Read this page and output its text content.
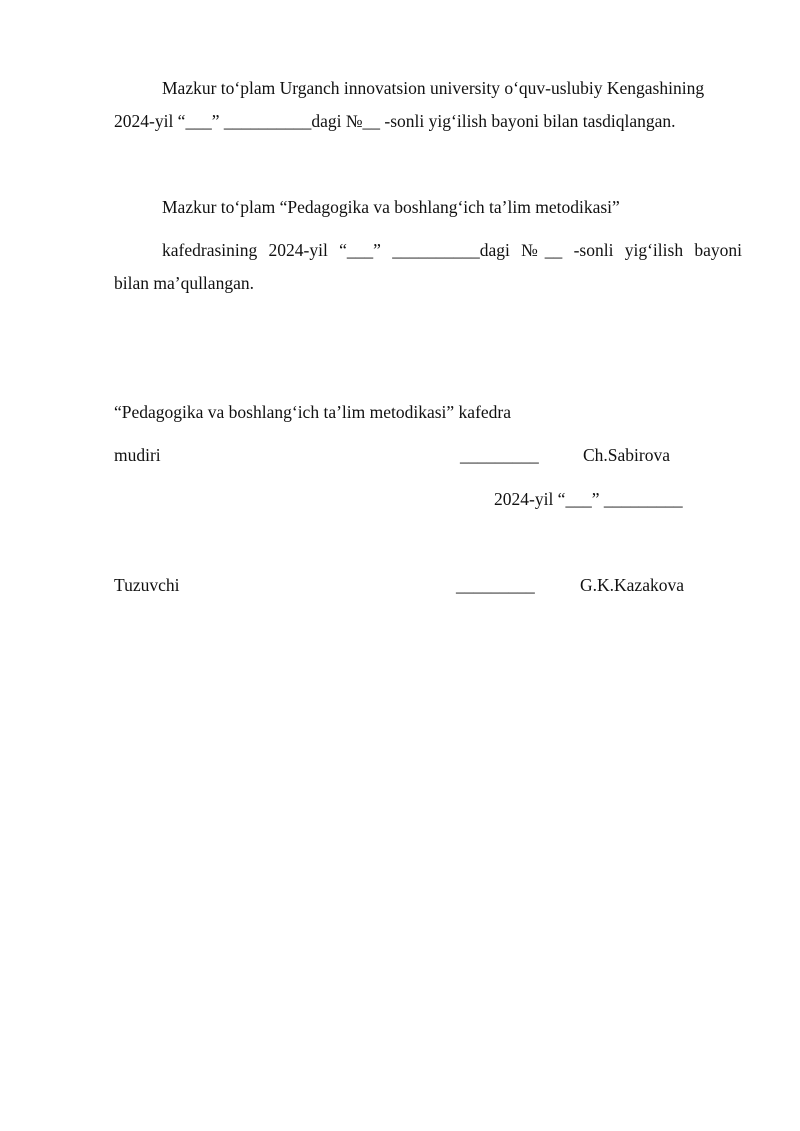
Mazkur to‘plam Urganch innovatsion university o‘quv-uslubiy Kengashining
2024-yil “___” __________dagi №__ -sonli yig‘ilish bayoni bilan tasdiqlangan.
Mazkur to‘plam “Pedagogika va boshlang‘ich ta’lim metodikasi”
kafedrasining 2024-yil “___” __________dagi №__ -sonli yig‘ilish bayoni
bilan ma’qullangan.
“Pedagogika va boshlang‘ich ta’lim metodikasi” kafedra
mudiri	_________	Ch.Sabirova
2024-yil “___” _________
Tuzuvchi	_________	G.K.Kazakova
